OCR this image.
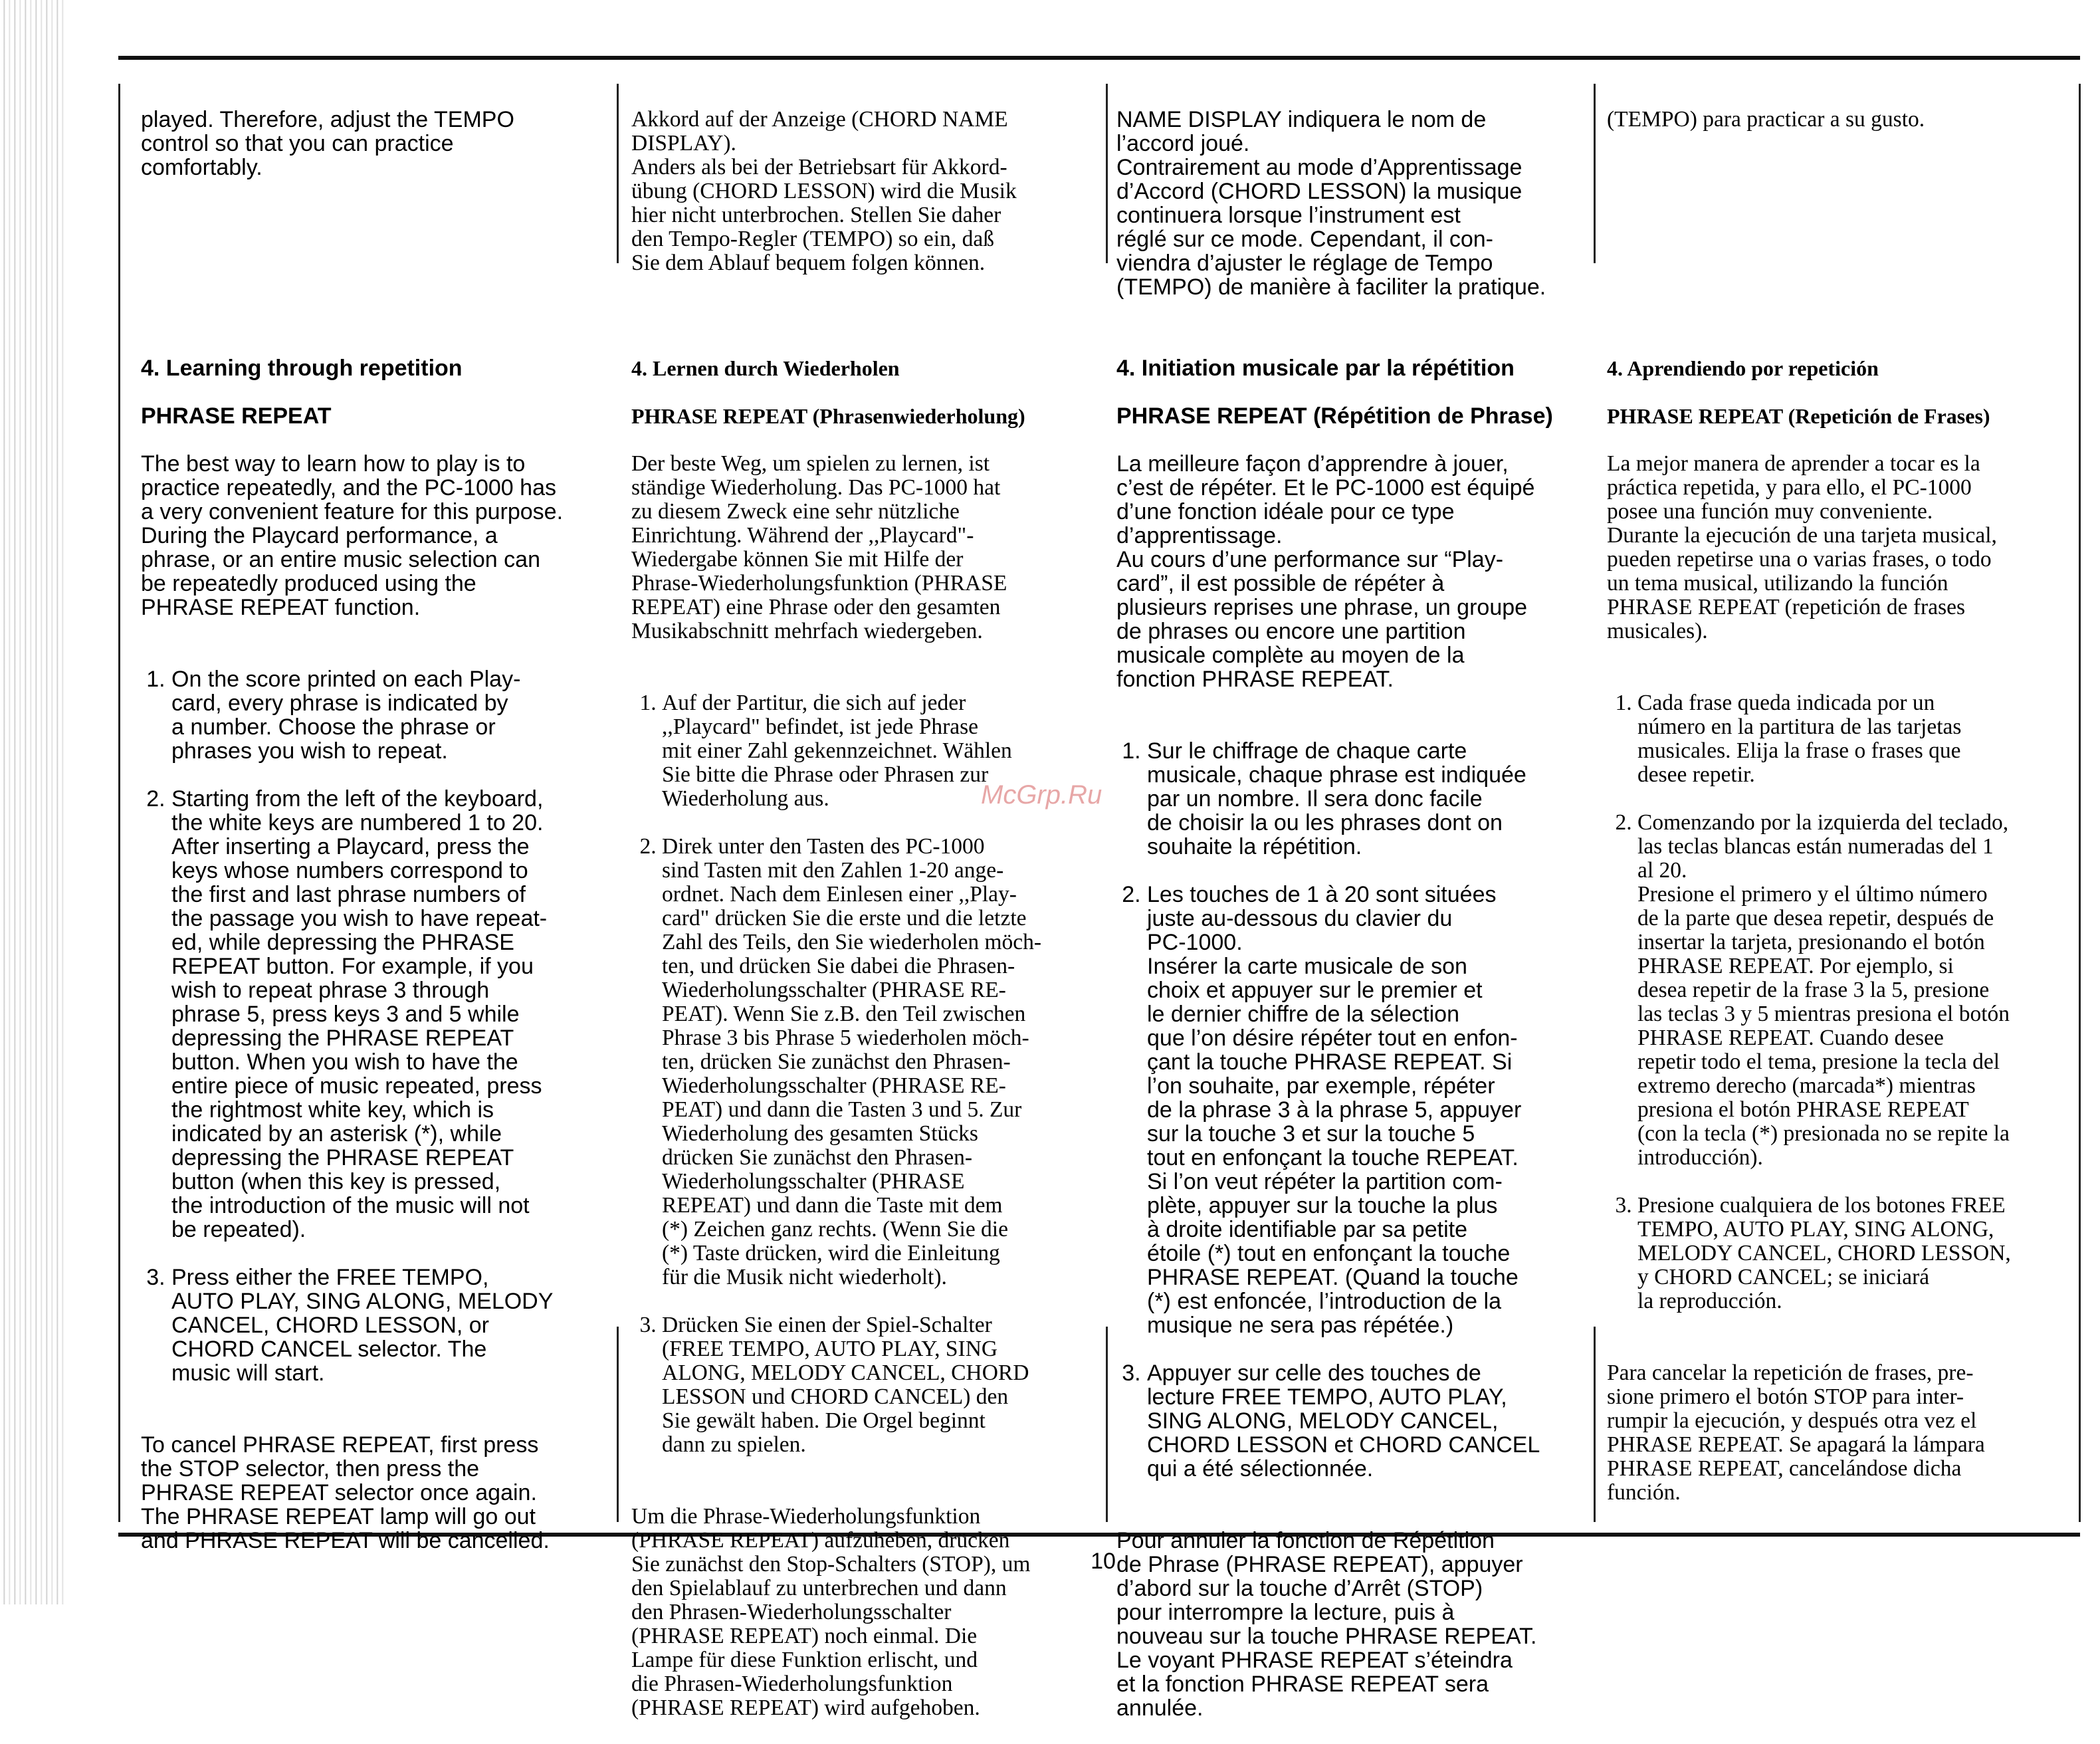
played. Therefore, adjust the TEMPO
control so that you can practice
comfortably.

4. Learning through repetition

PHRASE REPEAT

The best way to learn how to play is to
practice repeatedly, and the PC-1000 has
a very convenient feature for this purpose.
During the Playcard performance, a
phrase, or an entire music selection can
be repeatedly produced using the
PHRASE REPEAT function.

1. On the score printed on each Play-
card, every phrase is indicated by
a number. Choose the phrase or
phrases you wish to repeat.

2. Starting from the left of the keyboard,
the white keys are numbered 1 to 20.
After inserting a Playcard, press the
keys whose numbers correspond to
the first and last phrase numbers of
the passage you wish to have repeat-
ed, while depressing the PHRASE
REPEAT button. For example, if you
wish to repeat phrase 3 through
phrase 5, press keys 3 and 5 while
depressing the PHRASE REPEAT
button. When you wish to have the
entire piece of music repeated, press
the rightmost white key, which is
indicated by an asterisk (*), while
depressing the PHRASE REPEAT
button (when this key is pressed,
the introduction of the music will not
be repeated).

3. Press either the FREE TEMPO,
AUTO PLAY, SING ALONG, MELODY
CANCEL, CHORD LESSON, or
CHORD CANCEL selector. The
music will start.

To cancel PHRASE REPEAT, first press
the STOP selector, then press the
PHRASE REPEAT selector once again.
The PHRASE REPEAT lamp will go out
and PHRASE REPEAT will be cancelled.

Akkord auf der Anzeige (CHORD NAME
DISPLAY).
Anders als bei der Betriebsart für Akkord-
übung (CHORD LESSON) wird die Musik
hier nicht unterbrochen. Stellen Sie daher
den Tempo-Regler (TEMPO) so ein, daß
Sie dem Ablauf bequem folgen können.

4. Lernen durch Wiederholen

PHRASE REPEAT (Phrasenwiederholung)

Der beste Weg, um spielen zu lernen, ist
ständige Wiederholung. Das PC-1000 hat
zu diesem Zweck eine sehr nützliche
Einrichtung. Während der ,,Playcard"-
Wiedergabe können Sie mit Hilfe der
Phrase-Wiederholungsfunktion (PHRASE
REPEAT) eine Phrase oder den gesamten
Musikabschnitt mehrfach wiedergeben.

1. Auf der Partitur, die sich auf jeder
,,Playcard" befindet, ist jede Phrase
mit einer Zahl gekennzeichnet. Wählen
Sie bitte die Phrase oder Phrasen zur
Wiederholung aus.

2. Direk unter den Tasten des PC-1000
sind Tasten mit den Zahlen 1-20 ange-
ordnet. Nach dem Einlesen einer ,,Play-
card" drücken Sie die erste und die letzte
Zahl des Teils, den Sie wiederholen möch-
ten, und drücken Sie dabei die Phrasen-
Wiederholungsschalter (PHRASE RE-
PEAT). Wenn Sie z.B. den Teil zwischen
Phrase 3 bis Phrase 5 wiederholen möch-
ten, drücken Sie zunächst den Phrasen-
Wiederholungsschalter (PHRASE RE-
PEAT) und dann die Tasten 3 und 5. Zur
Wiederholung des gesamten Stücks
drücken Sie zunächst den Phrasen-
Wiederholungsschalter (PHRASE
REPEAT) und dann die Taste mit dem
(*) Zeichen ganz rechts. (Wenn Sie die
(*) Taste drücken, wird die Einleitung
für die Musik nicht wiederholt).

3. Drücken Sie einen der Spiel-Schalter
(FREE TEMPO, AUTO PLAY, SING
ALONG, MELODY CANCEL, CHORD
LESSON und CHORD CANCEL) den
Sie gewält haben. Die Orgel beginnt
dann zu spielen.

Um die Phrase-Wiederholungsfunktion
(PHRASE REPEAT) aufzuheben, drücken
Sie zunächst den Stop-Schalters (STOP), um
den Spielablauf zu unterbrechen und dann
den Phrasen-Wiederholungsschalter
(PHRASE REPEAT) noch einmal. Die
Lampe für diese Funktion erlischt, und
die Phrasen-Wiederholungsfunktion
(PHRASE REPEAT) wird aufgehoben.

NAME DISPLAY indiquera le nom de
l’accord joué.
Contrairement au mode d’Apprentissage
d’Accord (CHORD LESSON) la musique
continuera lorsque l’instrument est
réglé sur ce mode. Cependant, il con-
viendra d’ajuster le réglage de Tempo
(TEMPO) de manière à faciliter la pratique.

4. Initiation musicale par la répétition

PHRASE REPEAT (Répétition de Phrase)

La meilleure façon d’apprendre à jouer,
c’est de répéter. Et le PC-1000 est équipé
d’une fonction idéale pour ce type
d’apprentissage.
Au cours d’une performance sur “Play-
card”, il est possible de répéter à
plusieurs reprises une phrase, un groupe
de phrases ou encore une partition
musicale complète au moyen de la
fonction PHRASE REPEAT.

1. Sur le chiffrage de chaque carte
musicale, chaque phrase est indiquée
par un nombre. Il sera donc facile
de choisir la ou les phrases dont on
souhaite la répétition.

2. Les touches de 1 à 20 sont situées
juste au-dessous du clavier du
PC-1000.
Insérer la carte musicale de son
choix et appuyer sur le premier et
le dernier chiffre de la sélection
que l’on désire répéter tout en enfon-
çant la touche PHRASE REPEAT. Si
l’on souhaite, par exemple, répéter
de la phrase 3 à la phrase 5, appuyer
sur la touche 3 et sur la touche 5
tout en enfonçant la touche REPEAT.
Si l’on veut répéter la partition com-
plète, appuyer sur la touche la plus
à droite identifiable par sa petite
étoile (*) tout en enfonçant la touche
PHRASE REPEAT. (Quand la touche
(*) est enfoncée, l’introduction de la
musique ne sera pas répétée.)

3. Appuyer sur celle des touches de
lecture FREE TEMPO, AUTO PLAY,
SING ALONG, MELODY CANCEL,
CHORD LESSON et CHORD CANCEL
qui a été sélectionnée.

Pour annuler la fonction de Répétition
de Phrase (PHRASE REPEAT), appuyer
d’abord sur la touche d’Arrêt (STOP)
pour interrompre la lecture, puis à
nouveau sur la touche PHRASE REPEAT.
Le voyant PHRASE REPEAT s’éteindra
et la fonction PHRASE REPEAT sera
annulée.

(TEMPO) para practicar a su gusto.

4. Aprendiendo por repetición

PHRASE REPEAT (Repetición de Frases)

La mejor manera de aprender a tocar es la
práctica repetida, y para ello, el PC-1000
posee una función muy conveniente.
Durante la ejecución de una tarjeta musical,
pueden repetirse una o varias frases, o todo
un tema musical, utilizando la función
PHRASE REPEAT (repetición de frases
musicales).

1. Cada frase queda indicada por un
número en la partitura de las tarjetas
musicales. Elija la frase o frases que
desee repetir.

2. Comenzando por la izquierda del teclado,
las teclas blancas están numeradas del 1
al 20.
Presione el primero y el último número
de la parte que desea repetir, después de
insertar la tarjeta, presionando el botón
PHRASE REPEAT. Por ejemplo, si
desea repetir de la frase 3 la 5, presione
las teclas 3 y 5 mientras presiona el botón
PHRASE REPEAT. Cuando desee
repetir todo el tema, presione la tecla del
extremo derecho (marcada*) mientras
presiona el botón PHRASE REPEAT
(con la tecla (*) presionada no se repite la
introducción).

3. Presione cualquiera de los botones FREE
TEMPO, AUTO PLAY, SING ALONG,
MELODY CANCEL, CHORD LESSON,
y CHORD CANCEL; se iniciará
la reproducción.

Para cancelar la repetición de frases, pre-
sione primero el botón STOP para inter-
rumpir la ejecución, y después otra vez el
PHRASE REPEAT. Se apagará la lámpara
PHRASE REPEAT, cancelándose dicha
función.

McGrp.Ru
10
